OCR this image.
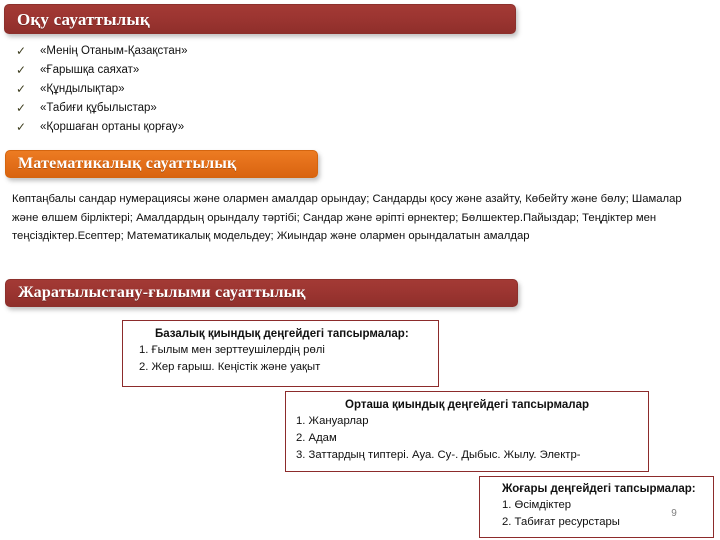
Оқу сауаттылық
✓ «Менің Отаным-Қазақстан»
✓ «Ғарышқа саяхат»
✓ «Құндылықтар»
✓ «Табиғи құбылыстар»
✓ «Қоршаған ортаны қорғау»
Математикалық сауаттылық
Көптаңбалы сандар нумерациясы және олармен амалдар орындау; Сандарды қосу және азайту, Көбейту және бөлу; Шамалар және өлшем бірліктері; Амалдардың орындалу тәртібі; Сандар және әріпті өрнектер; Бөлшектер.Пайыздар; Теңдіктер мен теңсіздіктер.Есептер; Математикалық модельдеу; Жиындар және олармен орындалатын амалдар
Жаратылыстану-ғылыми сауаттылық
Базалық қиындық деңгейдегі тапсырмалар:
1. Ғылым мен зерттеушілердің рөлі
2. Жер ғарыш. Кеңістік және уақыт
Орташа қиындық деңгейдегі тапсырмалар
1. Жануарлар
2. Адам
3. Заттардың типтері. Ауа. Су-. Дыбыс. Жылу. Электр-
Жоғары деңгейдегі тапсырмалар:
1. Өсімдіктер
2. Табиғат ресурстары
9
